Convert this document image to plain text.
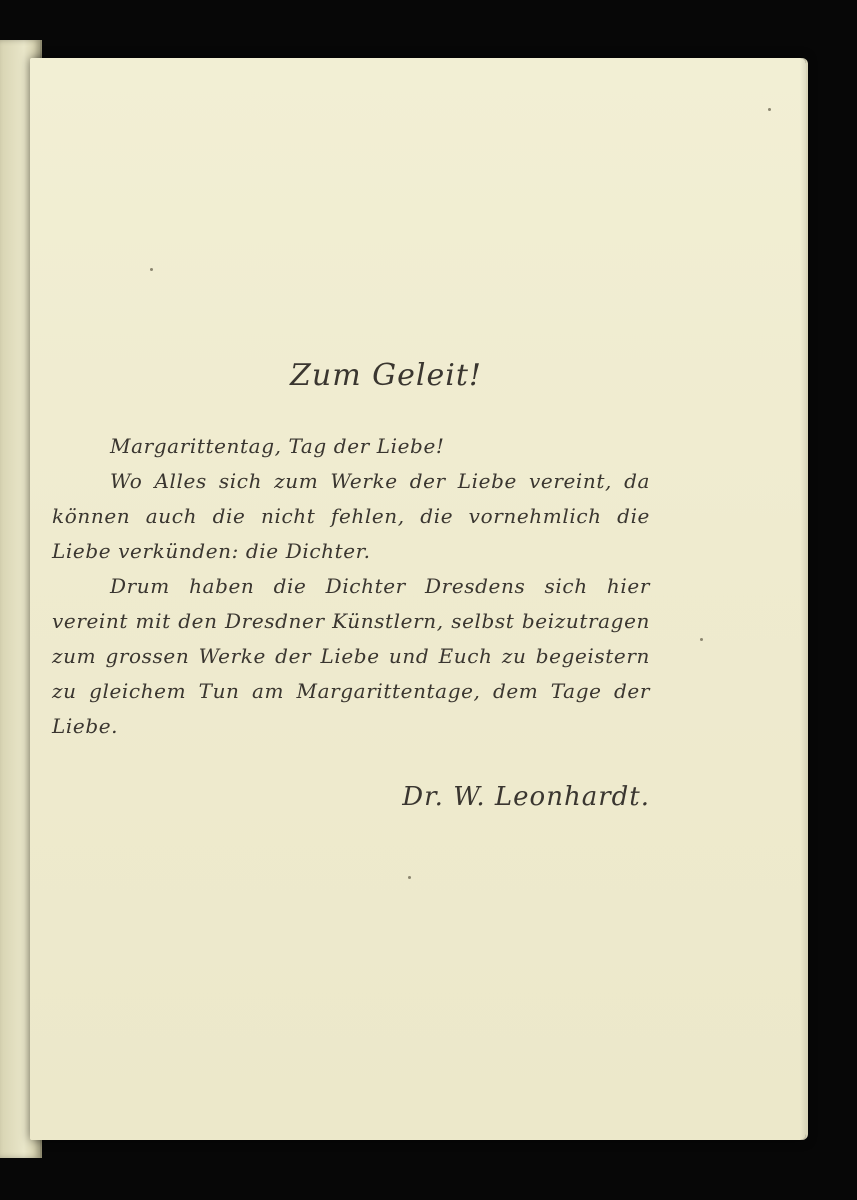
Zum Geleit!

Margarittentag, Tag der Liebe!

Wo Alles sich zum Werke der Liebe vereint, da können auch die nicht fehlen, die vornehmlich die Liebe verkünden: die Dichter.

Drum haben die Dichter Dresdens sich hier vereint mit den Dresdner Künstlern, selbst beizutragen zum grossen Werke der Liebe und Euch zu begeistern zu gleichem Tun am Margarittentage, dem Tage der Liebe.

Dr. W. Leonhardt.
